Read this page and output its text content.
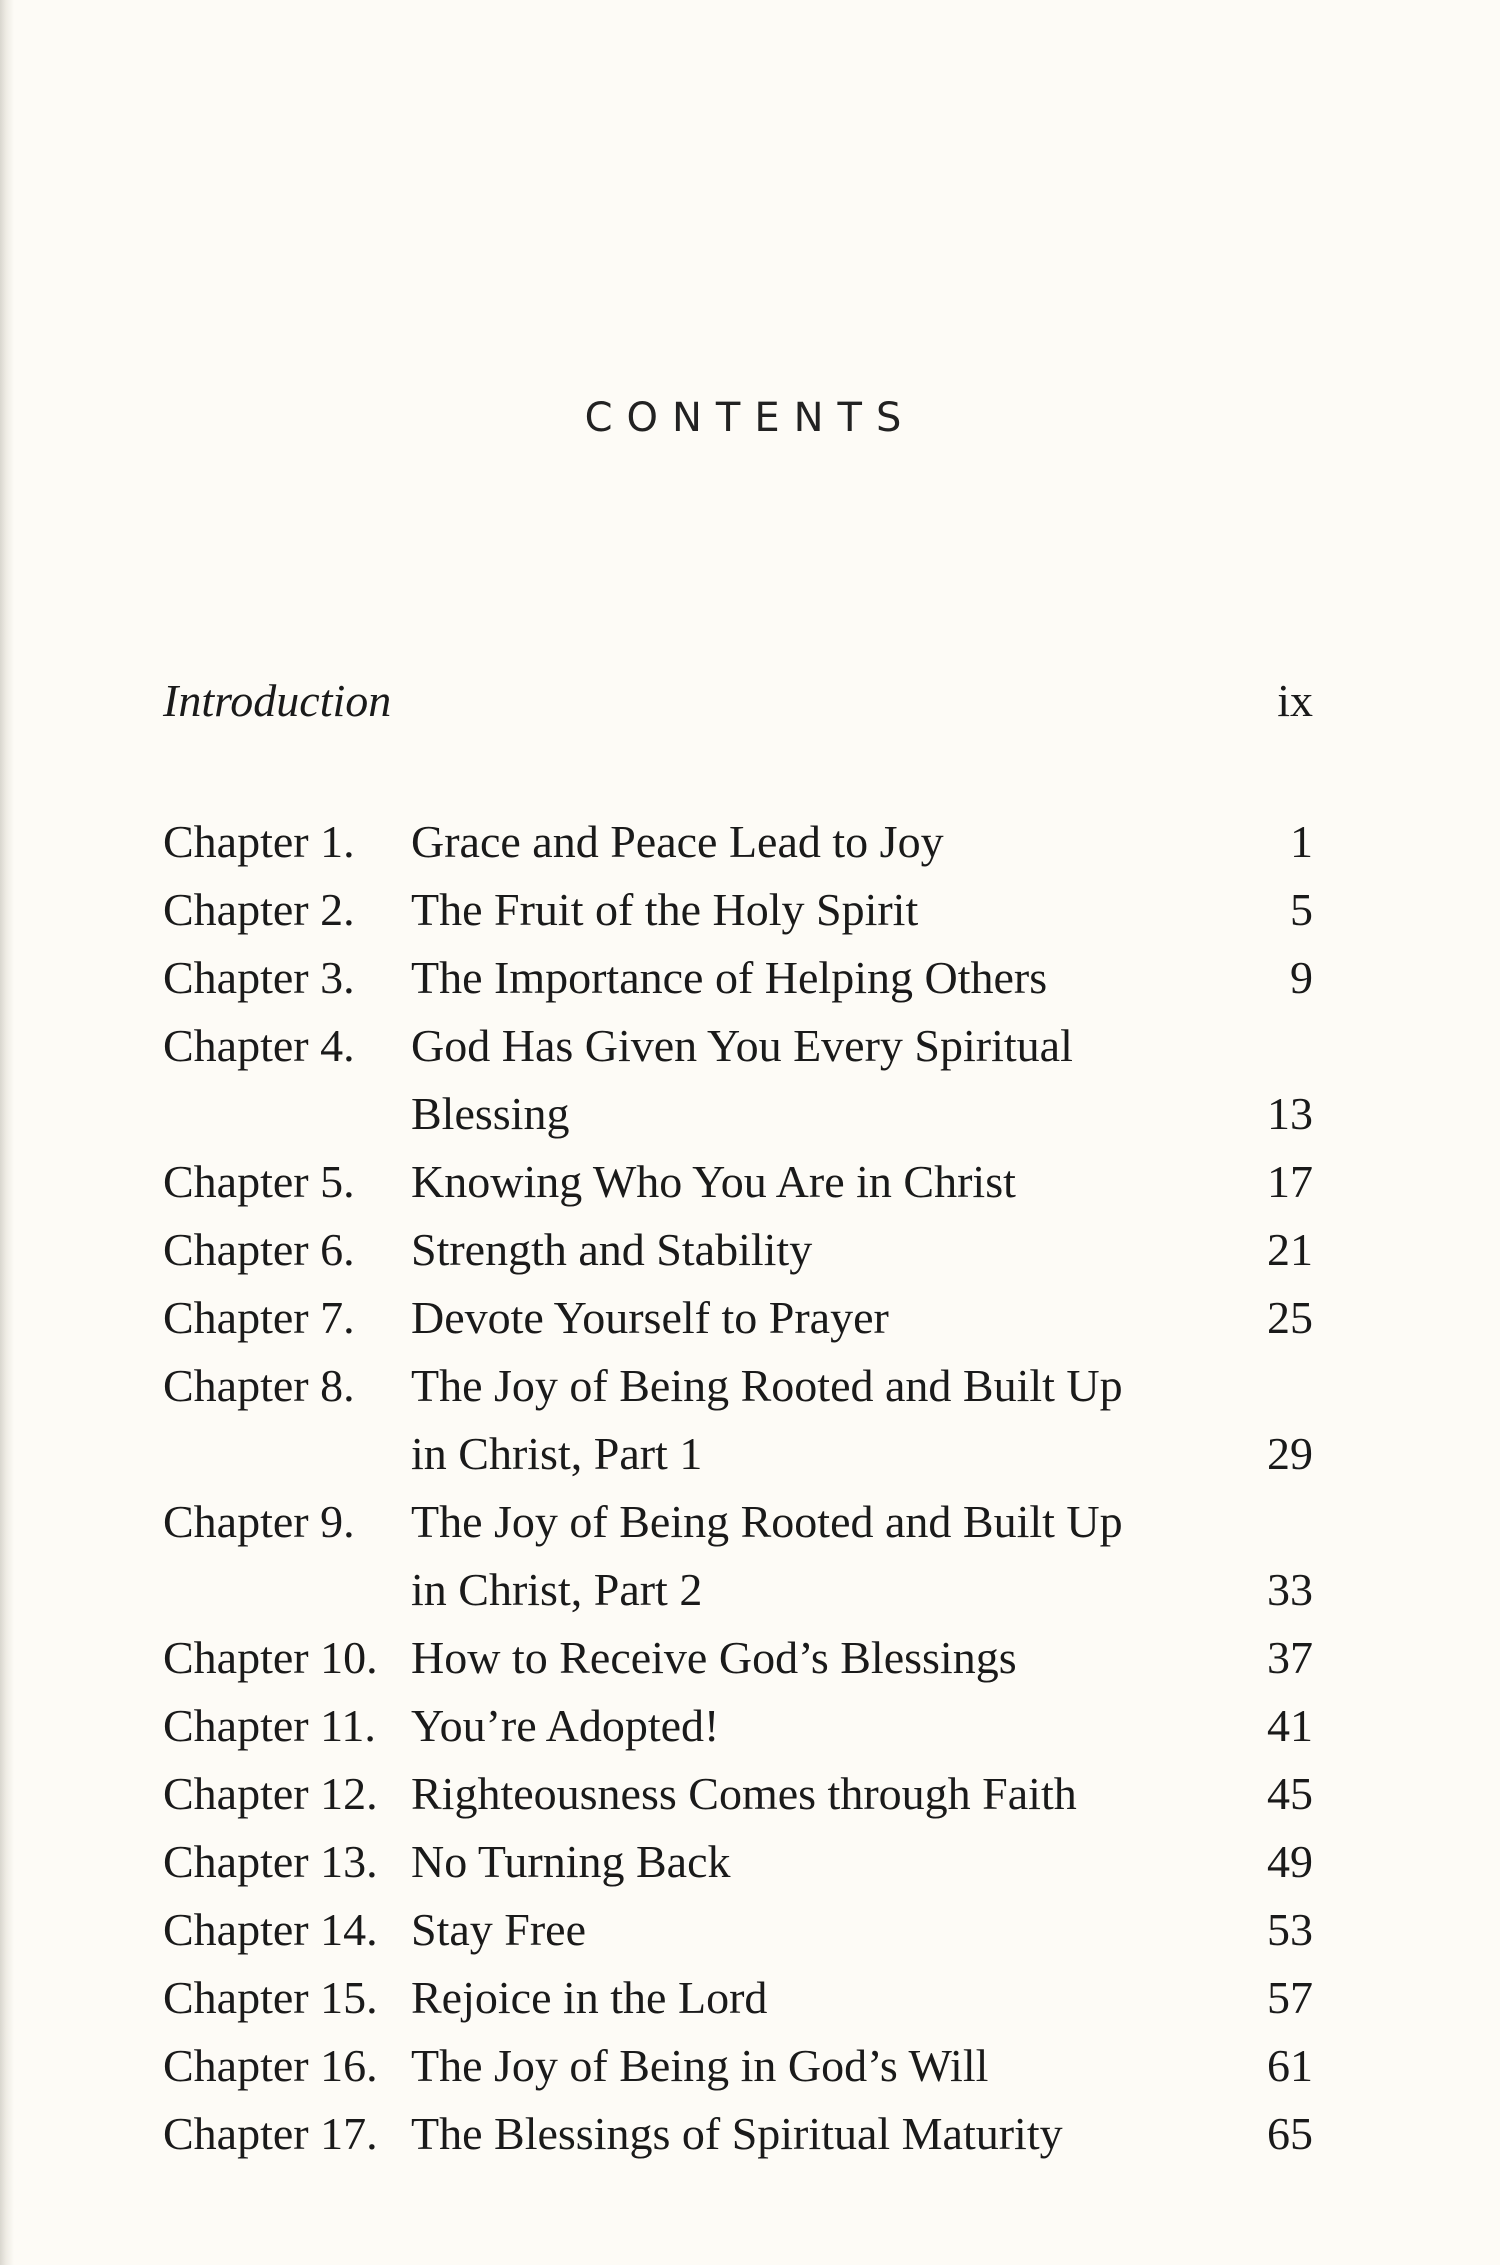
CONTENTS
Introduction	ix
Chapter 1. Grace and Peace Lead to Joy	1
Chapter 2. The Fruit of the Holy Spirit	5
Chapter 3. The Importance of Helping Others	9
Chapter 4. God Has Given You Every Spiritual
Blessing	13
Chapter 5. Knowing Who You Are in Christ	17
Chapter 6. Strength and Stability	21
Chapter 7. Devote Yourself to Prayer	25
Chapter 8. The Joy of Being Rooted and Built Up
in Christ, Part 1	29
Chapter 9. The Joy of Being Rooted and Built Up
in Christ, Part 2	33
Chapter 10. How to Receive God’s Blessings	37
Chapter 11. You’re Adopted!	41
Chapter 12. Righteousness Comes through Faith	45
Chapter 13. No Turning Back	49
Chapter 14. Stay Free	53
Chapter 15. Rejoice in the Lord	57
Chapter 16. The Joy of Being in God’s Will	61
Chapter 17. The Blessings of Spiritual Maturity	65
